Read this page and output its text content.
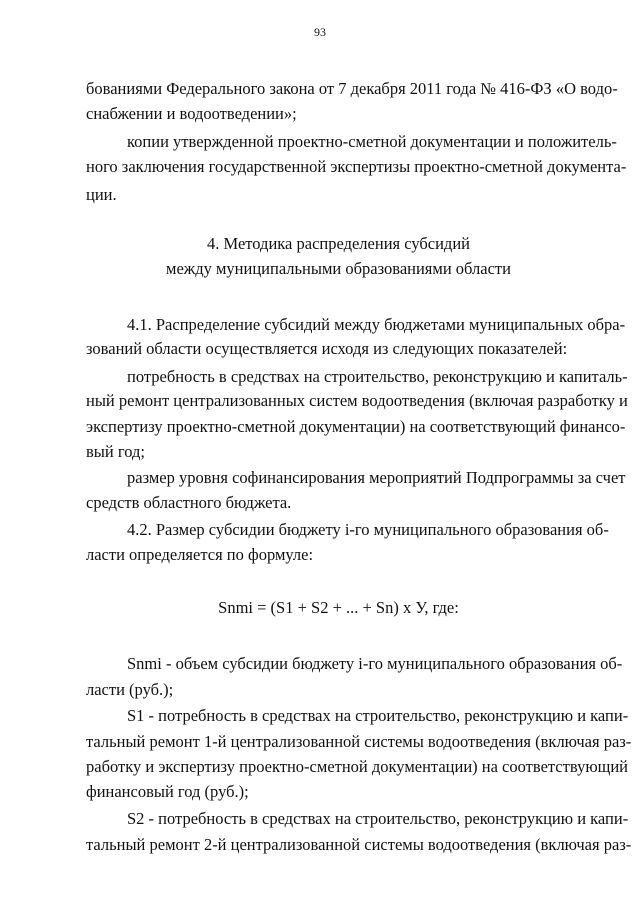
93
бованиями Федерального закона от 7 декабря 2011 года № 416-ФЗ «О водо-
снабжении и водоотведении»;
копии утвержденной проектно-сметной документации и положитель-
ного заключения государственной экспертизы проектно-сметной документа-
ции.
4. Методика распределения субсидий
между муниципальными образованиями области
4.1. Распределение субсидий между бюджетами муниципальных обра-
зований области осуществляется исходя из следующих показателей:
потребность в средствах на строительство, реконструкцию и капиталь-
ный ремонт централизованных систем водоотведения (включая разработку и
экспертизу проектно-сметной документации) на соответствующий финансо-
вый год;
размер уровня софинансирования мероприятий Подпрограммы за счет
средств областного бюджета.
4.2. Размер субсидии бюджету i-го муниципального образования об-
ласти определяется по формуле:
Snmi = (S1 + S2 + ... + Sn) х У, где:
Snmi - объем субсидии бюджету i-го муниципального образования об-
ласти (руб.);
S1 - потребность в средствах на строительство, реконструкцию и капи-
тальный ремонт 1-й централизованной системы водоотведения (включая раз-
работку и экспертизу проектно-сметной документации) на соответствующий
финансовый год (руб.);
S2 - потребность в средствах на строительство, реконструкцию и капи-
тальный ремонт 2-й централизованной системы водоотведения (включая раз-
